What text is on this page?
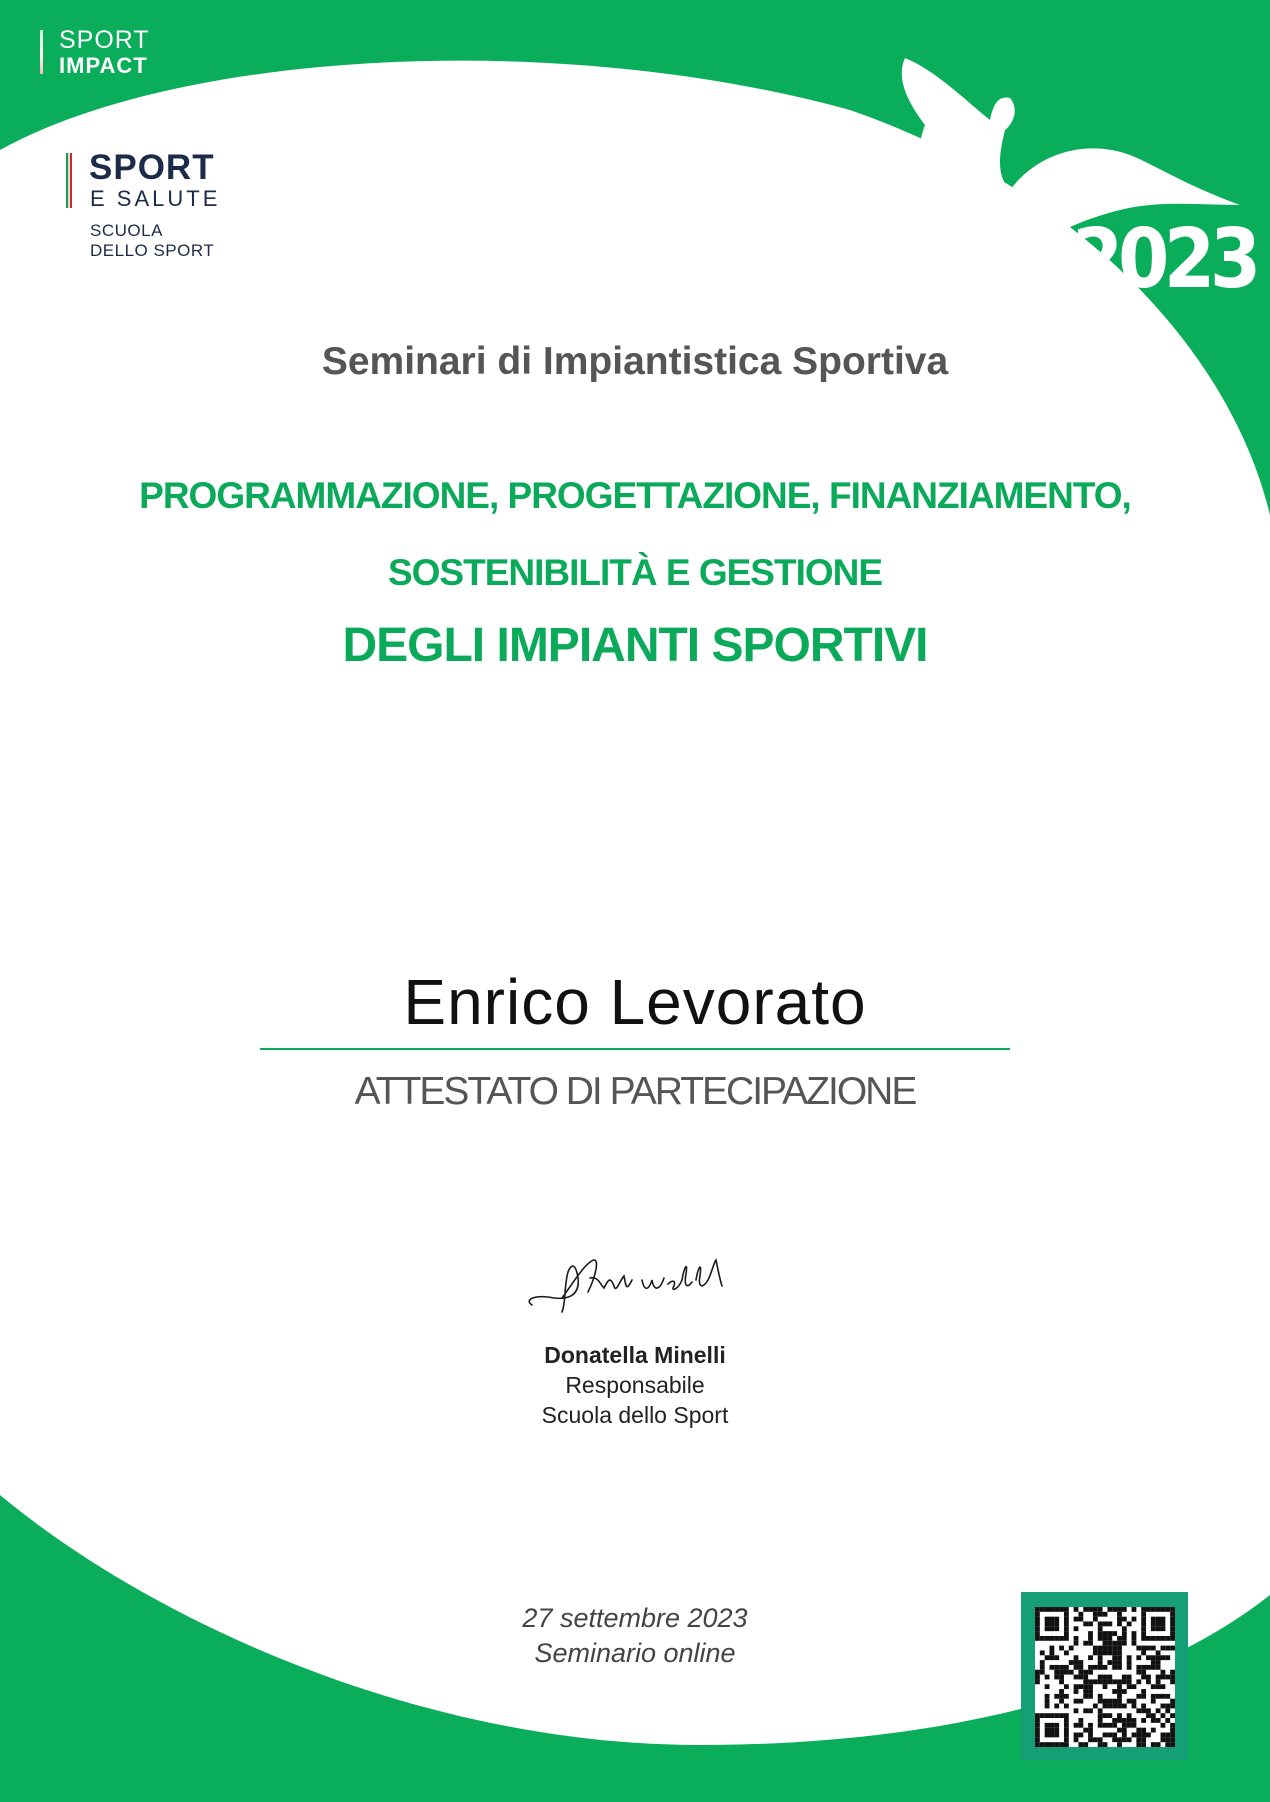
SPORT
IMPACT
SPORT
E SALUTE
SCUOLA
DELLO SPORT	2023
Seminari di Impiantistica Sportiva
PROGRAMMAZIONE, PROGETTAZIONE, FINANZIAMENTO,
SOSTENIBILITÀ E GESTIONE
DEGLI IMPIANTI SPORTIVI
Enrico Levorato
ATTESTATO DI PARTECIPAZIONE
Donatella Minelli
Responsabile
Scuola dello Sport
27 settembre 2023
Seminario online
